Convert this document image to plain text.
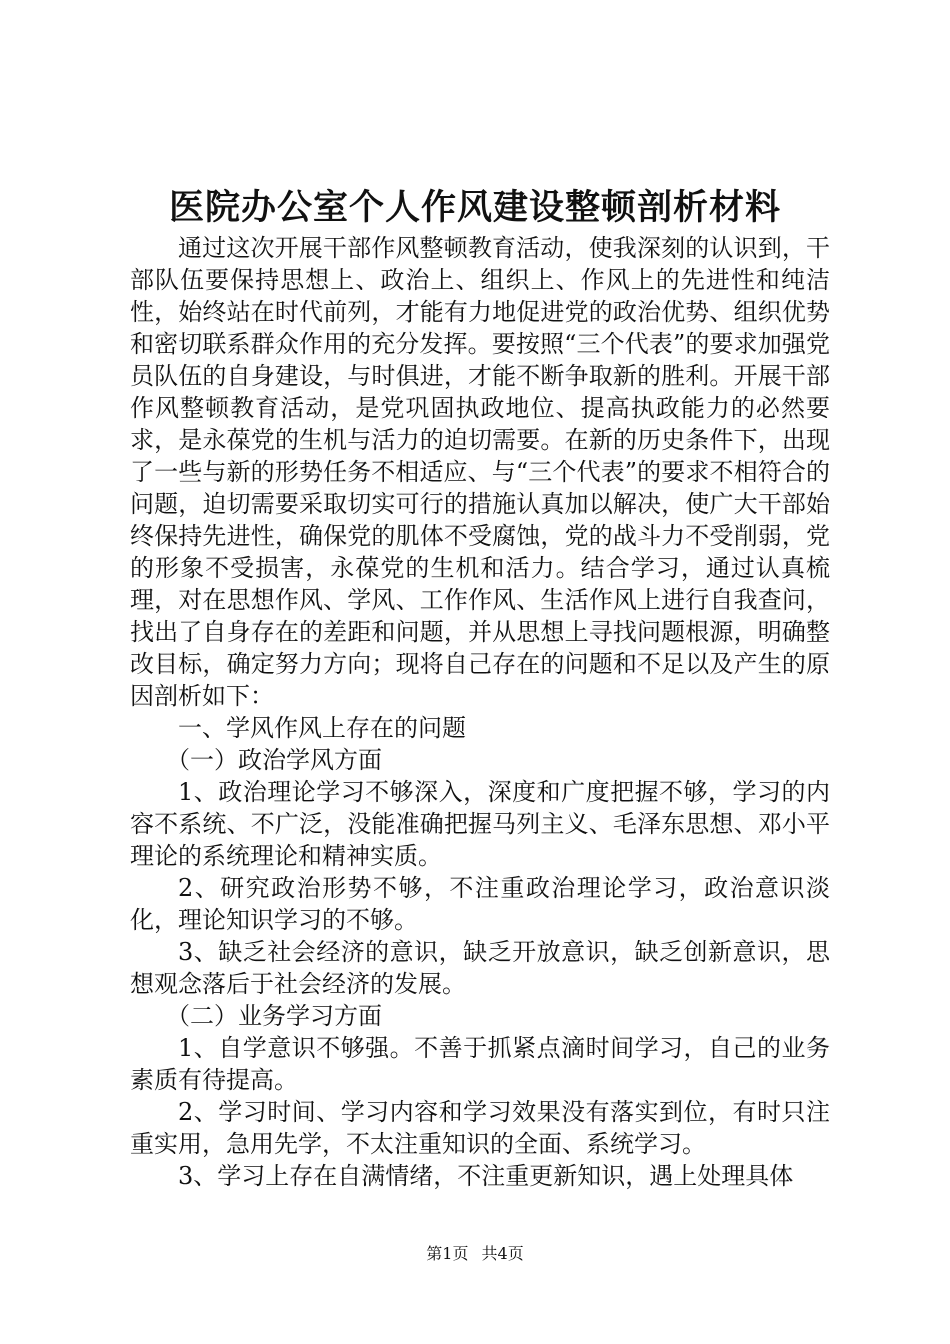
医院办公室个人作风建设整顿剖析材料

通过这次开展干部作风整顿教育活动，使我深刻的认识到，干部队伍要保持思想上、政治上、组织上、作风上的先进性和纯洁性，始终站在时代前列，才能有力地促进党的政治优势、组织优势和密切联系群众作用的充分发挥。要按照“三个代表”的要求加强党员队伍的自身建设，与时俱进，才能不断争取新的胜利。开展干部作风整顿教育活动，是党巩固执政地位、提高执政能力的必然要求，是永葆党的生机与活力的迫切需要。在新的历史条件下，出现了一些与新的形势任务不相适应、与“三个代表”的要求不相符合的问题，迫切需要采取切实可行的措施认真加以解决，使广大干部始终保持先进性，确保党的肌体不受腐蚀，党的战斗力不受削弱，党的形象不受损害，永葆党的生机和活力。结合学习，通过认真梳理，对在思想作风、学风、工作作风、生活作风上进行自我查问，找出了自身存在的差距和问题，并从思想上寻找问题根源，明确整改目标，确定努力方向；现将自己存在的问题和不足以及产生的原因剖析如下：

一、学风作风上存在的问题

（一）政治学风方面

1、政治理论学习不够深入，深度和广度把握不够，学习的内容不系统、不广泛，没能准确把握马列主义、毛泽东思想、邓小平理论的系统理论和精神实质。

2、研究政治形势不够，不注重政治理论学习，政治意识淡化，理论知识学习的不够。

3、缺乏社会经济的意识，缺乏开放意识，缺乏创新意识，思想观念落后于社会经济的发展。

（二）业务学习方面

1、自学意识不够强。不善于抓紧点滴时间学习，自己的业务素质有待提高。

2、学习时间、学习内容和学习效果没有落实到位，有时只注重实用，急用先学，不太注重知识的全面、系统学习。

3、学习上存在自满情绪，不注重更新知识，遇上处理具体

第1页 共4页
